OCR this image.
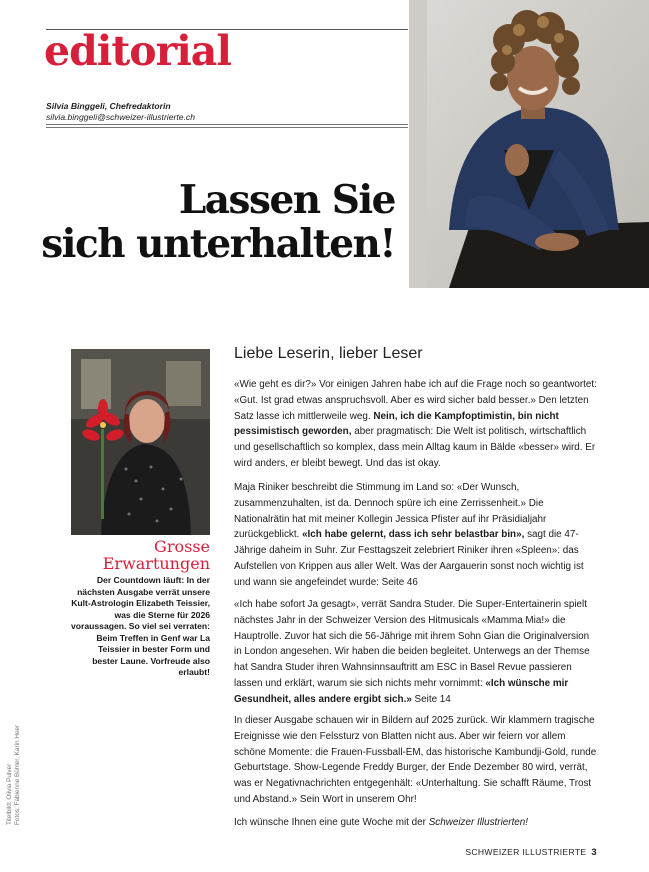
editorial
Silvia Binggeli, Chefredaktorin
silvia.binggeli@schweizer-illustrierte.ch
Lassen Sie
sich unterhalten!
Grosse
Erwartungen
Der Countdown läuft: In der nächsten Ausgabe verrät unsere Kult-Astrologin Elizabeth Teissier, was die Sterne für 2026 voraussagen. So viel sei verraten: Beim Treffen in Genf war La Teissier in bester Form und bester Laune. Vorfreude also erlaubt!
Titelbild: Olivia Pulver Fotos: Fabienne Bühler, Karin Heer
Liebe Leserin, lieber Leser
«Wie geht es dir?» Vor einigen Jahren habe ich auf die Frage noch so geantwortet: «Gut. Ist grad etwas anspruchsvoll. Aber es wird sicher bald besser.» Den letzten Satz lasse ich mittlerweile weg. Nein, ich die Kampfoptimistin, bin nicht pessimistisch geworden, aber pragmatisch: Die Welt ist politisch, wirtschaftlich und gesellschaftlich so komplex, dass mein Alltag kaum in Bälde «besser» wird. Er wird anders, er bleibt bewegt. Und das ist okay.
Maja Riniker beschreibt die Stimmung im Land so: «Der Wunsch, zusammenzuhalten, ist da. Dennoch spüre ich eine Zerrissenheit.» Die Nationalrätin hat mit meiner Kollegin Jessica Pfister auf ihr Präsidialjahr zurückgeblickt. «Ich habe gelernt, dass ich sehr belastbar bin», sagt die 47-Jährige daheim in Suhr. Zur Festtagszeit zelebriert Riniker ihren «Spleen»: das Aufstellen von Krippen aus aller Welt. Was der Aargauerin sonst noch wichtig ist und wann sie angefeindet wurde: Seite 46
«Ich habe sofort Ja gesagt», verrät Sandra Studer. Die Super-Entertainerin spielt nächstes Jahr in der Schweizer Version des Hitmusicals «Mamma Mia!» die Hauptrolle. Zuvor hat sich die 56-Jährige mit ihrem Sohn Gian die Originalversion in London angesehen. Wir haben die beiden begleitet. Unterwegs an der Themse hat Sandra Studer ihren Wahnsinnsauftritt am ESC in Basel Revue passieren lassen und erklärt, warum sie sich nichts mehr vornimmt: «Ich wünsche mir Gesundheit, alles andere ergibt sich.» Seite 14
In dieser Ausgabe schauen wir in Bildern auf 2025 zurück. Wir klammern tragische Ereignisse wie den Felssturz von Blatten nicht aus. Aber wir feiern vor allem schöne Momente: die Frauen-Fussball-EM, das historische Kambundji-Gold, runde Geburtstage. Show-Legende Freddy Burger, der Ende Dezember 80 wird, verrät, was er Negativnachrichten entgegenhält: «Unterhaltung. Sie schafft Räume, Trost und Abstand.» Sein Wort in unserem Ohr!
Ich wünsche Ihnen eine gute Woche mit der Schweizer Illustrierten!
SCHWEIZER ILLUSTRIERTE 3
